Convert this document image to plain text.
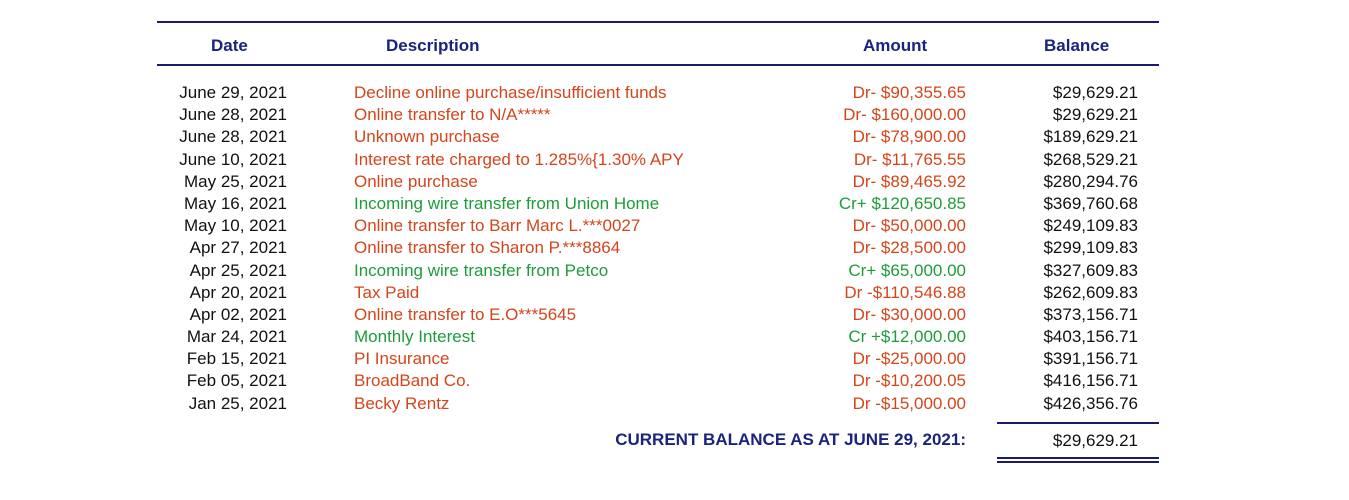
Date	Description	Amount	Balance
June 29, 2021	Decline online purchase/insufficient funds	Dr- $90,355.65	$29,629.21
June 28, 2021	Online transfer to N/A*****	Dr- $160,000.00	$29,629.21
June 28, 2021	Unknown purchase	Dr- $78,900.00	$189,629.21
June 10, 2021	Interest rate charged to 1.285%{1.30% APY	Dr- $11,765.55	$268,529.21
May 25, 2021	Online purchase	Dr- $89,465.92	$280,294.76
May 16, 2021	Incoming wire transfer from Union Home	Cr+ $120,650.85	$369,760.68
May 10, 2021	Online transfer to Barr Marc L.***0027	Dr- $50,000.00	$249,109.83
Apr 27, 2021	Online transfer to Sharon P.***8864	Dr- $28,500.00	$299,109.83
Apr 25, 2021	Incoming wire transfer from Petco	Cr+ $65,000.00	$327,609.83
Apr 20, 2021	Tax Paid	Dr -$110,546.88	$262,609.83
Apr 02, 2021	Online transfer to E.O***5645	Dr- $30,000.00	$373,156.71
Mar 24, 2021	Monthly Interest	Cr +$12,000.00	$403,156.71
Feb 15, 2021	PI Insurance	Dr -$25,000.00	$391,156.71
Feb 05, 2021	BroadBand Co.	Dr -$10,200.05	$416,156.71
Jan 25, 2021	Becky Rentz	Dr -$15,000.00	$426,356.76
CURRENT BALANCE AS AT JUNE 29, 2021:	$29,629.21
